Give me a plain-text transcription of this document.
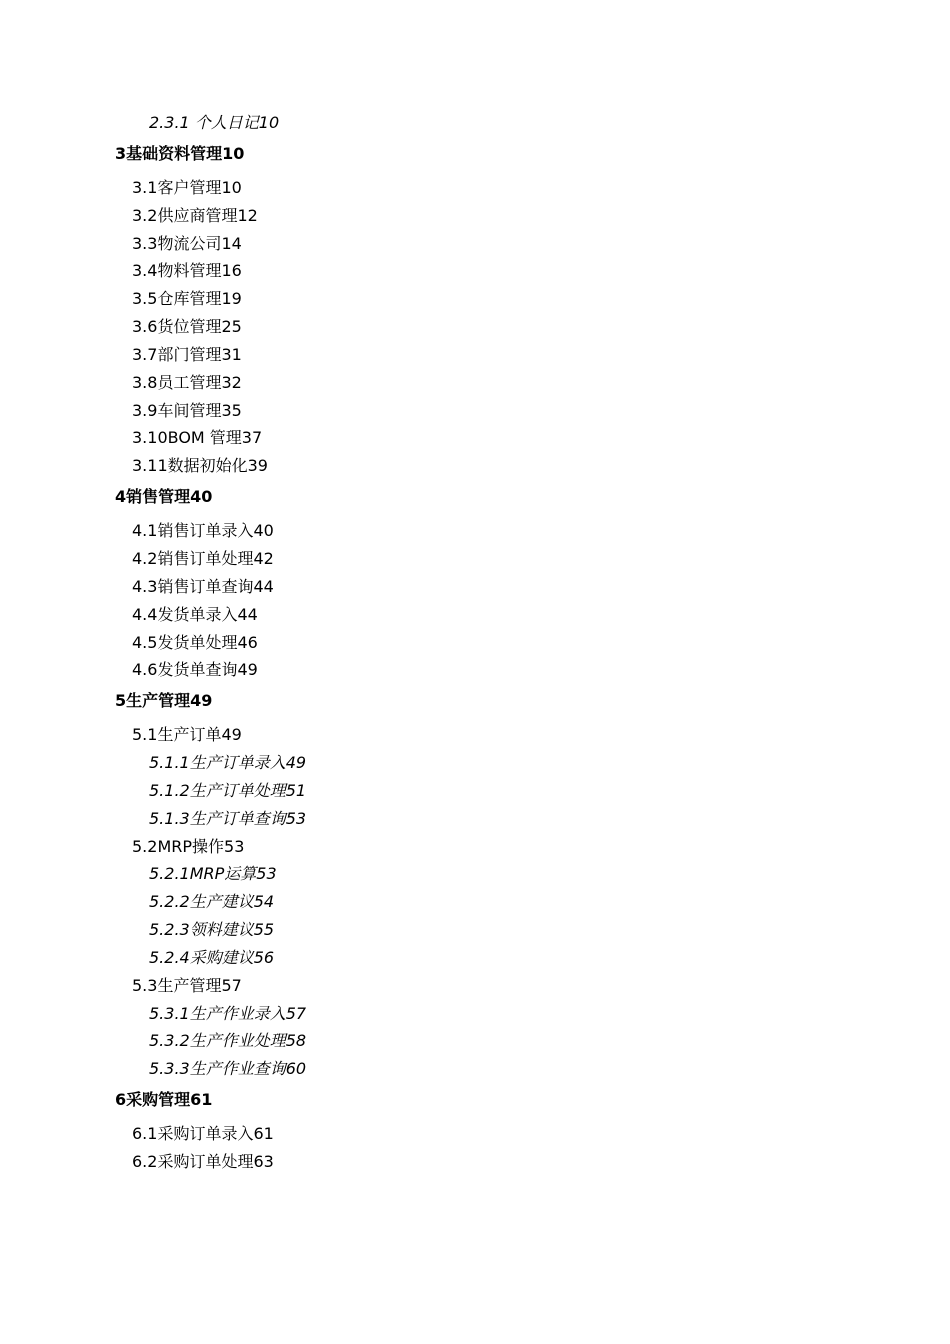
2.3.1 个人日记10
3基础资料管理10
3.1客户管理10
3.2供应商管理12
3.3物流公司14
3.4物料管理16
3.5仓库管理19
3.6货位管理25
3.7部门管理31
3.8员工管理32
3.9车间管理35
3.10BOM 管理37
3.11数据初始化39
4销售管理40
4.1销售订单录入40
4.2销售订单处理42
4.3销售订单查询44
4.4发货单录入44
4.5发货单处理46
4.6发货单查询49
5生产管理49
5.1生产订单49
5.1.1生产订单录入49
5.1.2生产订单处理51
5.1.3生产订单查询53
5.2MRP操作53
5.2.1MRP运算53
5.2.2生产建议54
5.2.3领料建议55
5.2.4采购建议56
5.3生产管理57
5.3.1生产作业录入57
5.3.2生产作业处理58
5.3.3生产作业查询60
6采购管理61
6.1采购订单录入61
6.2采购订单处理63
